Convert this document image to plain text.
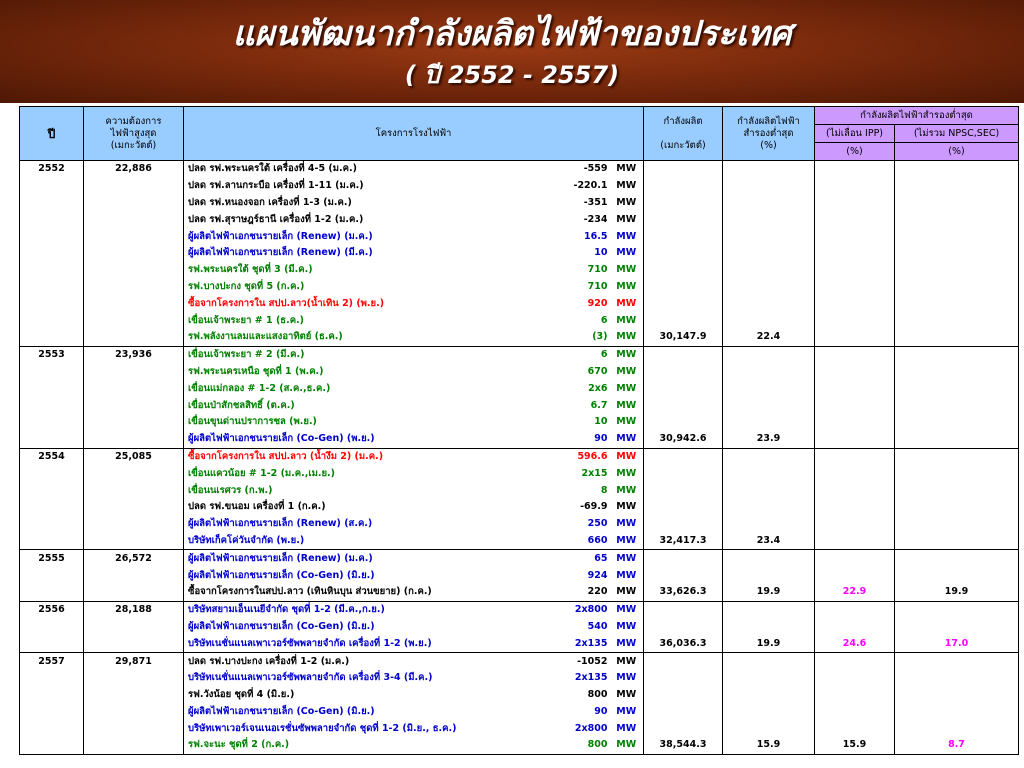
แผนพัฒนากำลังผลิตไฟฟ้าของประเทศ
( ปี 2552 - 2557)
ปี	ความต้องการ
ไฟฟ้าสูงสุด
(เมกะวัตต์)	โครงการโรงไฟฟ้า			กำลังผลิต

(เมกะวัตต์)	กำลังผลิตไฟฟ้า
สำรองต่ำสุด
(%)	กำลังผลิตไฟฟ้าสำรองต่ำสุด	
							(ไม่เลื่อน IPP)	(ไม่รวม NPSC,SEC)
							(%)	(%)
2552	22,886	ปลด รฟ.พระนครใต้ เครื่องที่ 4-5 (ม.ค.)	-559	MW				
		ปลด รฟ.ลานกระบือ เครื่องที่ 1-11 (ม.ค.)	-220.1	MW				
		ปลด รฟ.หนองจอก เครื่องที่ 1-3 (ม.ค.)	-351	MW				
		ปลด รฟ.สุราษฎร์ธานี เครื่องที่ 1-2 (ม.ค.)	-234	MW				
		ผู้ผลิตไฟฟ้าเอกชนรายเล็ก (Renew) (ม.ค.)	16.5	MW				
		ผู้ผลิตไฟฟ้าเอกชนรายเล็ก (Renew) (มี.ค.)	10	MW				
		รฟ.พระนครใต้ ชุดที่ 3 (มี.ค.)	710	MW				
		รฟ.บางปะกง ชุดที่ 5 (ก.ค.)	710	MW				
		ซื้อจากโครงการใน สปป.ลาว(น้ำเทิน 2) (พ.ย.)	920	MW				
		เขื่อนเจ้าพระยา # 1 (ธ.ค.)	6	MW				
		รฟ.พลังงานลมและแสงอาทิตย์ (ธ.ค.)	(3)	MW	30,147.9	22.4		
2553	23,936	เขื่อนเจ้าพระยา # 2 (มี.ค.)	6	MW				
		รฟ.พระนครเหนือ ชุดที่ 1 (พ.ค.)	670	MW				
		เขื่อนแม่กลอง # 1-2 (ส.ค.,ธ.ค.)	2x6	MW				
		เขื่อนป่าสักชลสิทธิ์ (ต.ค.)	6.7	MW				
		เขื่อนขุนด่านปราการชล (พ.ย.)	10	MW				
		ผู้ผลิตไฟฟ้าเอกชนรายเล็ก (Co-Gen) (พ.ย.)	90	MW	30,942.6	23.9		
2554	25,085	ซื้อจากโครงการใน สปป.ลาว (น้ำงึม 2) (ม.ค.)	596.6	MW				
		เขื่อนแควน้อย # 1-2 (ม.ค.,เม.ย.)	2x15	MW				
		เขื่อนนเรศวร (ก.พ.)	8	MW				
		ปลด รฟ.ขนอม เครื่องที่ 1 (ก.ค.)	-69.9	MW				
		ผู้ผลิตไฟฟ้าเอกชนรายเล็ก (Renew) (ส.ค.)	250	MW				
		บริษัทเก็คโค่วันจำกัด (พ.ย.)	660	MW	32,417.3	23.4		
2555	26,572	ผู้ผลิตไฟฟ้าเอกชนรายเล็ก (Renew) (ม.ค.)	65	MW				
		ผู้ผลิตไฟฟ้าเอกชนรายเล็ก (Co-Gen) (มิ.ย.)	924	MW				
		ซื้อจากโครงการในสปป.ลาว (เทินหินบุน ส่วนขยาย) (ก.ค.)	220	MW	33,626.3	19.9	22.9	19.9
2556	28,188	บริษัทสยามเอ็นเนยีจำกัด ชุดที่ 1-2 (มี.ค.,ก.ย.)	2x800	MW				
		ผู้ผลิตไฟฟ้าเอกชนรายเล็ก (Co-Gen) (มิ.ย.)	540	MW				
		บริษัทเนชั่นแนลเพาเวอร์ซัพพลายจำกัด เครื่องที่ 1-2 (พ.ย.)	2x135	MW	36,036.3	19.9	24.6	17.0
2557	29,871	ปลด รฟ.บางปะกง เครื่องที่ 1-2 (ม.ค.)	-1052	MW				
		บริษัทเนชั่นแนลเพาเวอร์ซัพพลายจำกัด เครื่องที่ 3-4 (มี.ค.)	2x135	MW				
		รฟ.วังน้อย ชุดที่ 4 (มิ.ย.)	800	MW				
		ผู้ผลิตไฟฟ้าเอกชนรายเล็ก (Co-Gen) (มิ.ย.)	90	MW				
		บริษัทเพาเวอร์เจนเนอเรชั่นซัพพลายจำกัด ชุดที่ 1-2 (มิ.ย., ธ.ค.)	2x800	MW				
		รฟ.จะนะ ชุดที่ 2 (ก.ค.)	800	MW	38,544.3	15.9	15.9	8.7
